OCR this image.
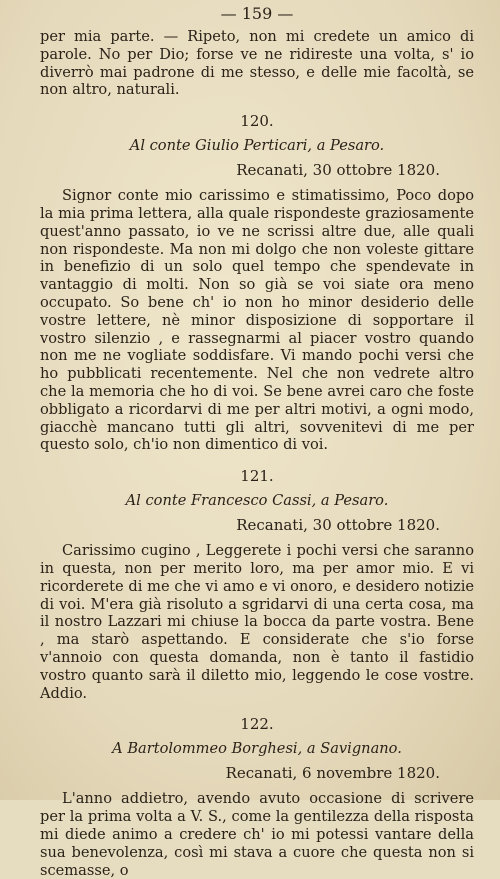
— 159 —

per mia parte. — Ripeto, non mi credete un amico di parole. No per Dio; forse ve ne ridireste una volta, s' io diverrò mai padrone di me stesso, e delle mie facoltà, se non altro, naturali.

120.
Al conte Giulio Perticari, a Pesaro.
Recanati, 30 ottobre 1820.

Signor conte mio carissimo e stimatissimo, Poco dopo la mia prima lettera, alla quale rispondeste graziosamente quest'anno passato, io ve ne scrissi altre due, alle quali non rispondeste. Ma non mi dolgo che non voleste gittare in benefizio di un solo quel tempo che spendevate in vantaggio di molti. Non so già se voi siate ora meno occupato. So bene ch' io non ho minor desiderio delle vostre lettere, nè minor disposizione di sopportare il vostro silenzio , e rassegnarmi al piacer vostro quando non me ne vogliate soddisfare. Vi mando pochi versi che ho pubblicati recentemente. Nel che non vedrete altro che la memoria che ho di voi. Se bene avrei caro che foste obbligato a ricordarvi di me per altri motivi, a ogni modo, giacchè mancano tutti gli altri, sovvenitevi di me per questo solo, ch'io non dimentico di voi.

121.
Al conte Francesco Cassi, a Pesaro.
Recanati, 30 ottobre 1820.

Carissimo cugino , Leggerete i pochi versi che saranno in questa, non per merito loro, ma per amor mio. E vi ricorderete di me che vi amo e vi onoro, e desidero notizie di voi. M'era già risoluto a sgridarvi di una certa cosa, ma il nostro Lazzari mi chiuse la bocca da parte vostra. Bene , ma starò aspettando. E considerate che s'io forse v'annoio con questa domanda, non è tanto il fastidio vostro quanto sarà il diletto mio, leggendo le cose vostre. Addio.

122.
A Bartolommeo Borghesi, a Savignano.
Recanati, 6 novembre 1820.

L'anno addietro, avendo avuto occasione di scrivere per la prima volta a V. S., come la gentilezza della risposta mi diede animo a credere ch' io mi potessi vantare della sua benevolenza, così mi stava a cuore che questa non si scemasse, o
